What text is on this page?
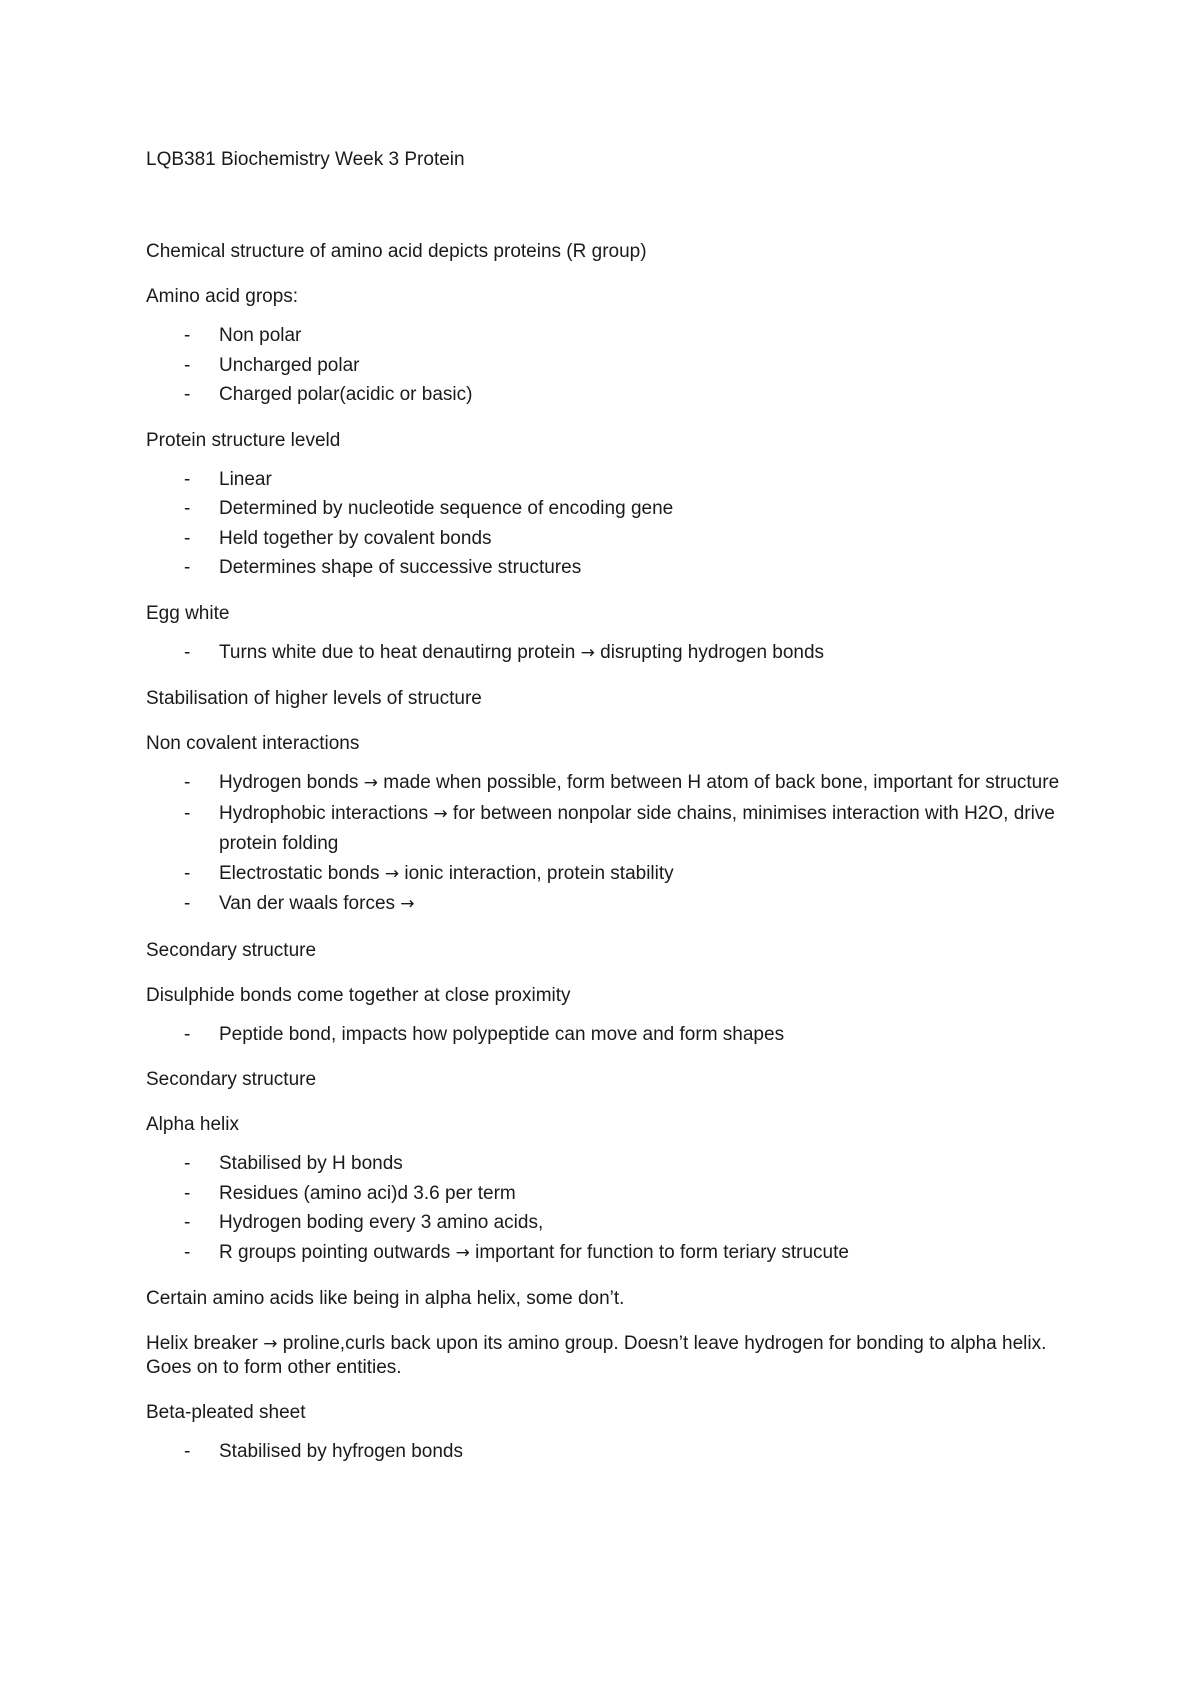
LQB381 Biochemistry Week 3 Protein

Chemical structure of amino acid depicts proteins (R group)

Amino acid grops:

- Non polar
- Uncharged polar
- Charged polar(acidic or basic)

Protein structure leveld

- Linear
- Determined by nucleotide sequence of encoding gene
- Held together by covalent bonds
- Determines shape of successive structures

Egg white

- Turns white due to heat denautirng protein → disrupting hydrogen bonds

Stabilisation of higher levels of structure

Non covalent interactions

- Hydrogen bonds → made when possible, form between H atom of back bone, important for structure
- Hydrophobic interactions → for between nonpolar side chains, minimises interaction with H2O, drive protein folding
- Electrostatic bonds → ionic interaction, protein stability
- Van der waals forces →

Secondary structure

Disulphide bonds come together at close proximity

- Peptide bond, impacts how polypeptide can move and form shapes

Secondary structure

Alpha helix

- Stabilised by H bonds
- Residues (amino aci)d 3.6 per term
- Hydrogen boding every 3 amino acids,
- R groups pointing outwards → important for function to form teriary strucute

Certain amino acids like being in alpha helix, some don’t.

Helix breaker → proline,curls back upon its amino group. Doesn’t leave hydrogen for bonding to alpha helix. Goes on to form other entities.

Beta-pleated sheet

- Stabilised by hyfrogen bonds
